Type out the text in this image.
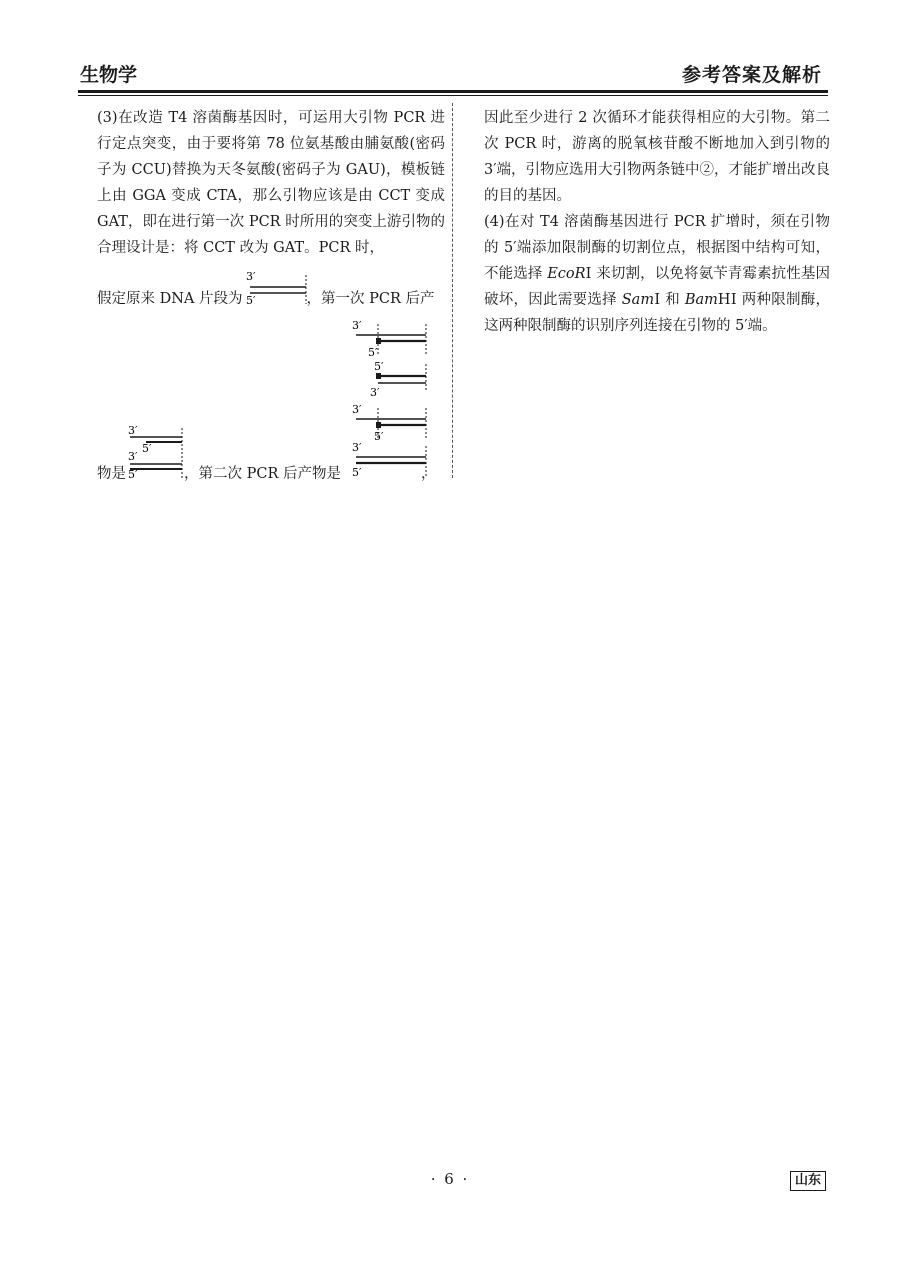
生物学	参考答案及解析

(3)在改造 T4 溶菌酶基因时，可运用大引物 PCR 进行定点突变，由于要将第 78 位氨基酸由脯氨酸(密码子为 CCU)替换为天冬氨酸(密码子为 GAU)，模板链上由 GGA 变成 CTA，那么引物应该是由 CCT 变成 GAT，即在进行第一次 PCR 时所用的突变上游引物的合理设计是：将 CCT 改为 GAT。PCR 时，

假定原来 DNA 片段为	，第一次 PCR 后产
3′
5′
3′
5′
5′
3′
3′
5′
3′
5′
3′
5′
3′
5′
物是	，第二次 PCR 后产物是	，

因此至少进行 2 次循环才能获得相应的大引物。第二次 PCR 时，游离的脱氧核苷酸不断地加入到引物的 3′端，引物应选用大引物两条链中②，才能扩增出改良的目的基因。

(4)在对 T4 溶菌酶基因进行 PCR 扩增时，须在引物的 5′端添加限制酶的切割位点，根据图中结构可知，不能选择 EcoRⅠ 来切割，以免将氨苄青霉素抗性基因破坏，因此需要选择 SamⅠ 和 BamHⅠ 两种限制酶，这两种限制酶的识别序列连接在引物的 5′端。

· 6 ·	山东
